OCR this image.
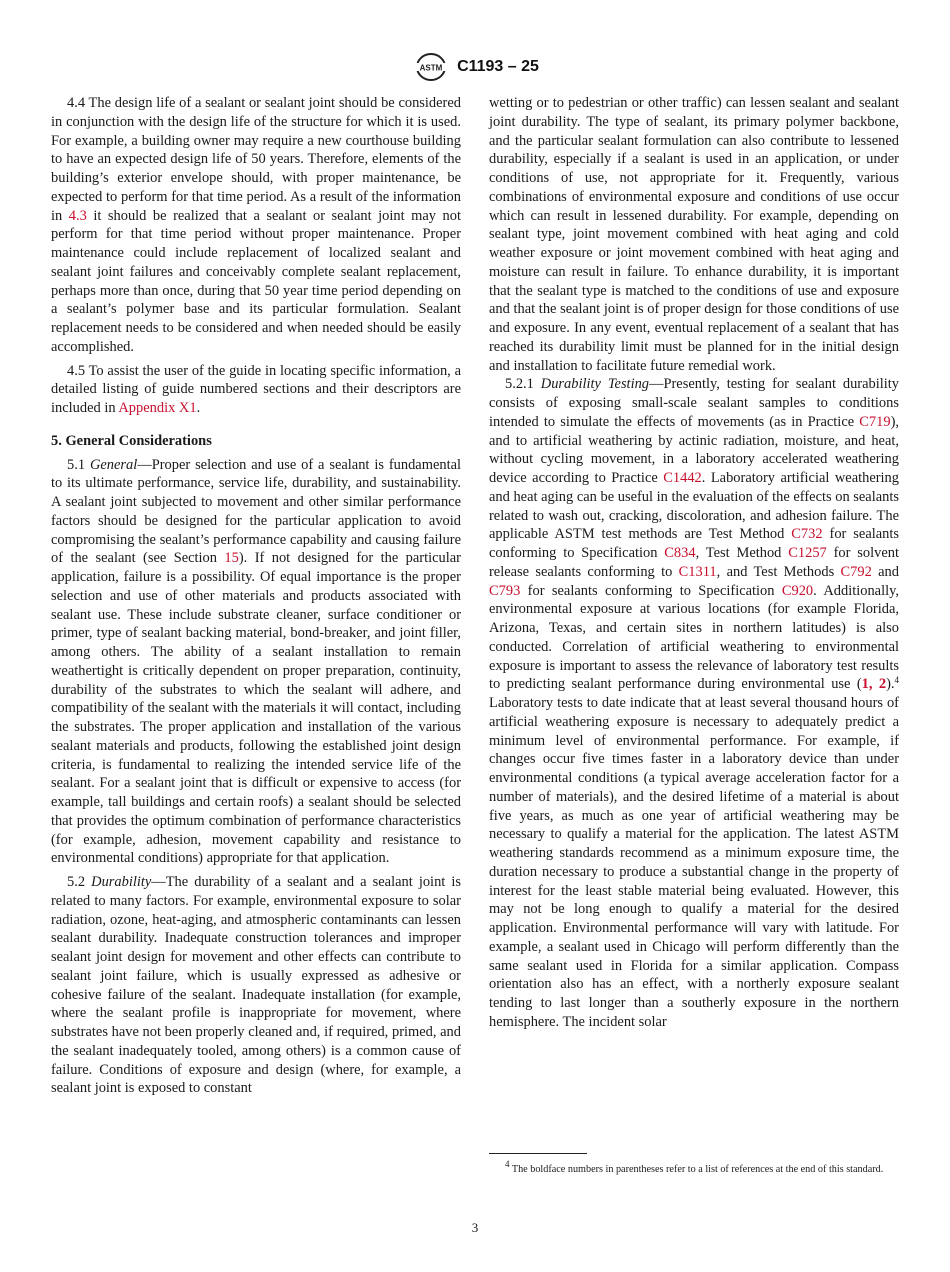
ASTM C1193 – 25

4.4 The design life of a sealant or sealant joint should be considered in conjunction with the design life of the structure for which it is used. For example, a building owner may require a new courthouse building to have an expected design life of 50 years. Therefore, elements of the building’s exterior envelope should, with proper maintenance, be expected to perform for that time period. As a result of the information in 4.3 it should be realized that a sealant or sealant joint may not perform for that time period without proper maintenance. Proper maintenance could include replacement of localized sealant and sealant joint failures and conceivably complete sealant replacement, perhaps more than once, during that 50 year time period depending on a sealant’s polymer base and its particular formulation. Sealant replacement needs to be considered and when needed should be easily accomplished.

4.5 To assist the user of the guide in locating specific information, a detailed listing of guide numbered sections and their descriptors are included in Appendix X1.

5. General Considerations

5.1 General—Proper selection and use of a sealant is fundamental to its ultimate performance, service life, durability, and sustainability. A sealant joint subjected to movement and other similar performance factors should be designed for the particular application to avoid compromising the sealant’s performance capability and causing failure of the sealant (see Section 15). If not designed for the particular application, failure is a possibility. Of equal importance is the proper selection and use of other materials and products associated with sealant use. These include substrate cleaner, surface conditioner or primer, type of sealant backing material, bond-breaker, and joint filler, among others. The ability of a sealant installation to remain weathertight is critically dependent on proper preparation, continuity, durability of the substrates to which the sealant will adhere, and compatibility of the sealant with the materials it will contact, including the substrates. The proper application and installation of the various sealant materials and products, following the established joint design criteria, is fundamental to realizing the intended service life of the sealant. For a sealant joint that is difficult or expensive to access (for example, tall buildings and certain roofs) a sealant should be selected that provides the optimum combination of performance characteristics (for example, adhesion, movement capability and resistance to environmental conditions) appropriate for that application.

5.2 Durability—The durability of a sealant and a sealant joint is related to many factors. For example, environmental exposure to solar radiation, ozone, heat-aging, and atmospheric contaminants can lessen sealant durability. Inadequate construction tolerances and improper sealant joint design for movement and other effects can contribute to sealant joint failure, which is usually expressed as adhesive or cohesive failure of the sealant. Inadequate installation (for example, where the sealant profile is inappropriate for movement, where substrates have not been properly cleaned and, if required, primed, and the sealant inadequately tooled, among others) is a common cause of failure. Conditions of exposure and design (where, for example, a sealant joint is exposed to constant

wetting or to pedestrian or other traffic) can lessen sealant and sealant joint durability. The type of sealant, its primary polymer backbone, and the particular sealant formulation can also contribute to lessened durability, especially if a sealant is used in an application, or under conditions of use, not appropriate for it. Frequently, various combinations of environmental exposure and conditions of use occur which can result in lessened durability. For example, depending on sealant type, joint movement combined with heat aging and cold weather exposure or joint movement combined with heat aging and moisture can result in failure. To enhance durability, it is important that the sealant type is matched to the conditions of use and exposure and that the sealant joint is of proper design for those conditions of use and exposure. In any event, eventual replacement of a sealant that has reached its durability limit must be planned for in the initial design and installation to facilitate future remedial work.

5.2.1 Durability Testing—Presently, testing for sealant durability consists of exposing small-scale sealant samples to conditions intended to simulate the effects of movements (as in Practice C719), and to artificial weathering by actinic radiation, moisture, and heat, without cycling movement, in a laboratory accelerated weathering device according to Practice C1442. Laboratory artificial weathering and heat aging can be useful in the evaluation of the effects on sealants related to wash out, cracking, discoloration, and adhesion failure. The applicable ASTM test methods are Test Method C732 for sealants conforming to Specification C834, Test Method C1257 for solvent release sealants conforming to C1311, and Test Methods C792 and C793 for sealants conforming to Specification C920. Additionally, environmental exposure at various locations (for example Florida, Arizona, Texas, and certain sites in northern latitudes) is also conducted. Correlation of artificial weathering to environmental exposure is important to assess the relevance of laboratory test results to predicting sealant performance during environmental use (1, 2).$^4$ Laboratory tests to date indicate that at least several thousand hours of artificial weathering exposure is necessary to adequately predict a minimum level of environmental performance. For example, if changes occur five times faster in a laboratory device than under environmental conditions (a typical average acceleration factor for a number of materials), and the desired lifetime of a material is about five years, as much as one year of artificial weathering may be necessary to qualify a material for the application. The latest ASTM weathering standards recommend as a minimum exposure time, the duration necessary to produce a substantial change in the property of interest for the least stable material being evaluated. However, this may not be long enough to qualify a material for the desired application. Environmental performance will vary with latitude. For example, a sealant used in Chicago will perform differently than the same sealant used in Florida for a similar application. Compass orientation also has an effect, with a northerly exposure sealant tending to last longer than a southerly exposure in the northern hemisphere. The incident solar

$^4$ The boldface numbers in parentheses refer to a list of references at the end of this standard.
3
